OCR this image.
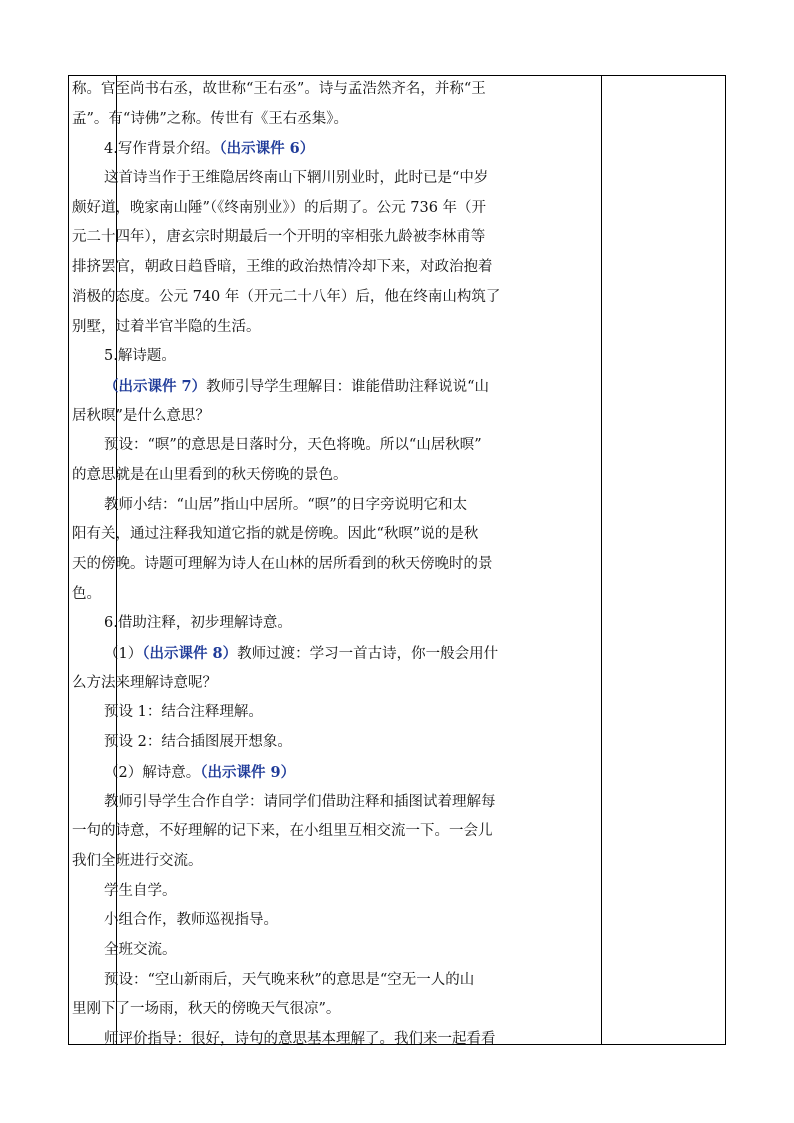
称。官至尚书右丞，故世称“王右丞”。诗与孟浩然齐名，并称“王
孟”。有“诗佛”之称。传世有《王右丞集》。
4.写作背景介绍。（出示课件 6）
这首诗当作于王维隐居终南山下辋川别业时，此时已是“中岁
颇好道，晚家南山陲”（《终南别业》）的后期了。公元 736 年（开
元二十四年），唐玄宗时期最后一个开明的宰相张九龄被李林甫等
排挤罢官，朝政日趋昏暗，王维的政治热情冷却下来，对政治抱着
消极的态度。公元 740 年（开元二十八年）后，他在终南山构筑了
别墅，过着半官半隐的生活。
5.解诗题。
（出示课件 7）教师引导学生理解目：谁能借助注释说说“山
居秋暝”是什么意思？
预设：“暝”的意思是日落时分，天色将晚。所以“山居秋暝”
的意思就是在山里看到的秋天傍晚的景色。
教师小结：“山居”指山中居所。“暝”的日字旁说明它和太
阳有关，通过注释我知道它指的就是傍晚。因此“秋暝”说的是秋
天的傍晚。诗题可理解为诗人在山林的居所看到的秋天傍晚时的景
色。
6.借助注释，初步理解诗意。
（1）（出示课件 8）教师过渡：学习一首古诗，你一般会用什
么方法来理解诗意呢？
预设 1：结合注释理解。
预设 2：结合插图展开想象。
（2）解诗意。（出示课件 9）
教师引导学生合作自学：请同学们借助注释和插图试着理解每
一句的诗意，不好理解的记下来，在小组里互相交流一下。一会儿
我们全班进行交流。
学生自学。
小组合作，教师巡视指导。
全班交流。
预设：“空山新雨后，天气晚来秋”的意思是“空无一人的山
里刚下了一场雨，秋天的傍晚天气很凉”。
师评价指导：很好，诗句的意思基本理解了。我们来一起看看
